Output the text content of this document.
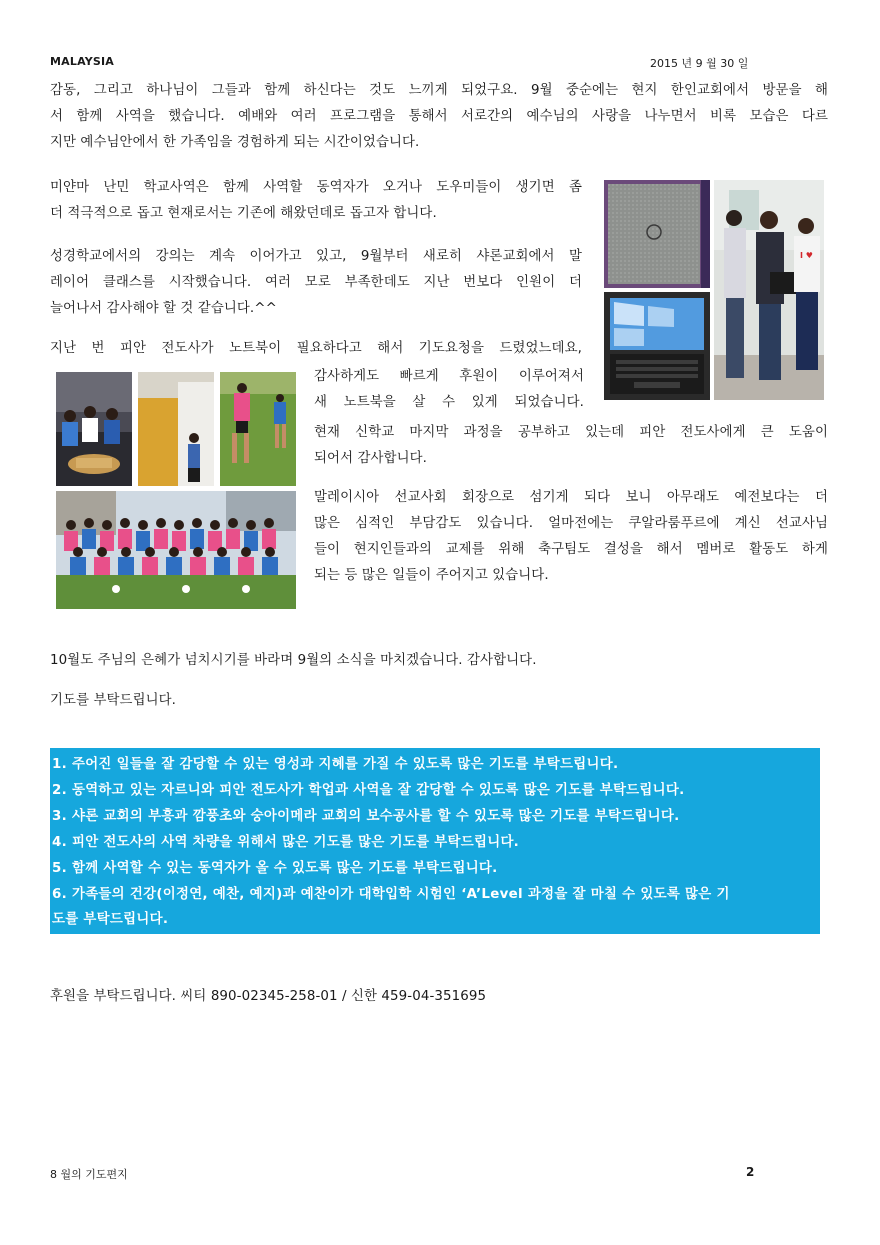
MALAYSIA	2015 년 9 월 30 일
감동, 그리고 하나님이 그들과 함께 하신다는 것도 느끼게 되었구요. 9월 중순에는 현지 한인교회에서 방문을 해
서 함께 사역을 했습니다. 예배와 여러 프로그램을 통해서 서로간의 예수님의 사랑을 나누면서 비록 모습은 다르
지만 예수님안에서 한 가족임을 경험하게 되는 시간이었습니다.
미얀마 난민 학교사역은 함께 사역할 동역자가 오거나 도우미들이 생기면 좀
더 적극적으로 돕고 현재로서는 기존에 해왔던데로 돕고자 합니다.
성경학교에서의 강의는 계속 이어가고 있고, 9월부터 새로히 샤론교회에서 말
레이어 클래스를 시작했습니다. 여러 모로 부족한데도 지난 번보다 인원이 더
늘어나서 감사해야 할 것 같습니다.^^
지난 번 피안 전도사가 노트북이 필요하다고 해서 기도요청을 드렸었느데요,
감사하게도 빠르게 후원이 이루어져서
새 노트북을 살 수 있게 되었습니다.
현재 신학교 마지막 과정을 공부하고 있는데 피안 전도사에게 큰 도움이
되어서 감사합니다.
말레이시아 선교사회 회장으로 섬기게 되다 보니 아무래도 예전보다는 더
많은 심적인 부담감도 있습니다. 얼마전에는 쿠알라룸푸르에 계신 선교사님
들이 현지인들과의 교제를 위해 축구팀도 결성을 해서 멤버로 활동도 하게
되는 등 많은 일들이 주어지고 있습니다.
10월도 주님의 은혜가 넘치시기를 바라며 9월의 소식을 마치겠습니다. 감사합니다.
기도를 부탁드립니다.
I ♥
1. 주어진 일들을 잘 감당할 수 있는 영성과 지혜를 가질 수 있도록 많은 기도를 부탁드립니다.
2. 동역하고 있는 자르니와 피안 전도사가 학업과 사역을 잘 감당할 수 있도록 많은 기도를 부탁드립니다.
3. 샤론 교회의 부흥과 깜풍초와 숭아이메라 교회의 보수공사를 할 수 있도록 많은 기도를 부탁드립니다.
4. 피안 전도사의 사역 차량을 위해서 많은 기도를 많은 기도를 부탁드립니다.
5. 함께 사역할 수 있는 동역자가 올 수 있도록 많은 기도를 부탁드립니다.
6. 가족들의 건강(이정연, 예찬, 예지)과 예찬이가 대학입학 시험인 ‘A’Level 과정을 잘 마칠 수 있도록 많은 기
도를 부탁드립니다.
후원을 부탁드립니다. 씨티 890-02345-258-01 / 신한 459-04-351695
8 월의 기도편지	2
